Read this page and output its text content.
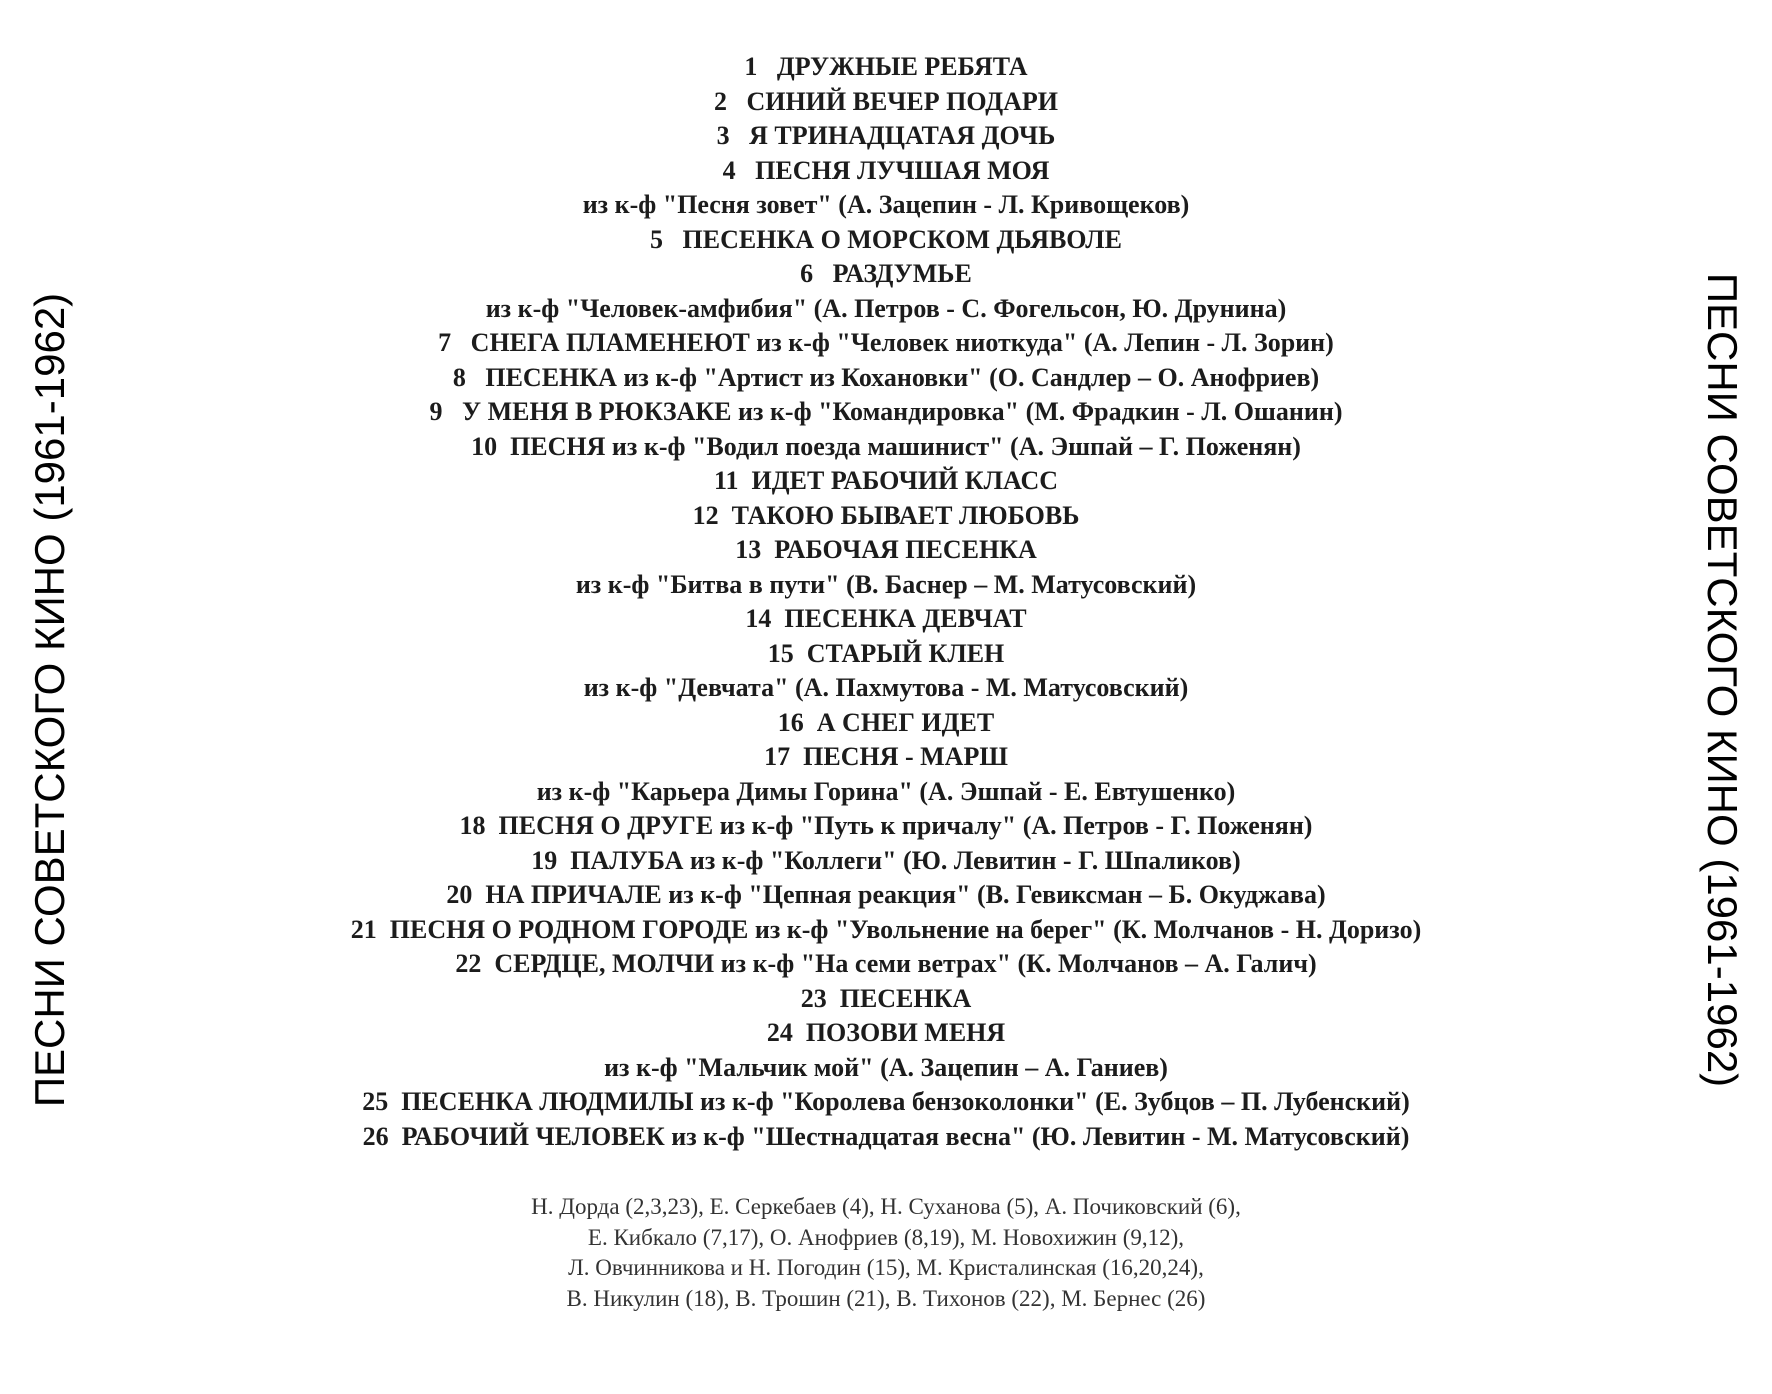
ПЕСНИ СОВЕТСКОГО КИНО (1961-1962)	ПЕСНИ СОВЕТСКОГО КИНО (1961-1962)
1   ДРУЖНЫЕ РЕБЯТА
2   СИНИЙ ВЕЧЕР ПОДАРИ
3   Я ТРИНАДЦАТАЯ ДОЧЬ
4   ПЕСНЯ ЛУЧШАЯ МОЯ
из к-ф "Песня зовет" (А. Зацепин - Л. Кривощеков)
5   ПЕСЕНКА О МОРСКОМ ДЬЯВОЛЕ
6   РАЗДУМЬЕ
из к-ф "Человек-амфибия" (А. Петров - С. Фогельсон, Ю. Друнина)
7   СНЕГА ПЛАМЕНЕЮТ из к-ф "Человек ниоткуда" (А. Лепин - Л. Зорин)
8   ПЕСЕНКА из к-ф "Артист из Кохановки" (О. Сандлер – О. Анофриев)
9   У МЕНЯ В РЮКЗАКЕ из к-ф "Командировка" (М. Фрадкин - Л. Ошанин)
10  ПЕСНЯ из к-ф "Водил поезда машинист" (А. Эшпай – Г. Поженян)
11  ИДЕТ РАБОЧИЙ КЛАСС
12  ТАКОЮ БЫВАЕТ ЛЮБОВЬ
13  РАБОЧАЯ ПЕСЕНКА
из к-ф "Битва в пути" (В. Баснер – М. Матусовский)
14  ПЕСЕНКА ДЕВЧАТ
15  СТАРЫЙ КЛЕН
из к-ф "Девчата" (А. Пахмутова - М. Матусовский)
16  А СНЕГ ИДЕТ
17  ПЕСНЯ - МАРШ
из к-ф "Карьера Димы Горина" (А. Эшпай - Е. Евтушенко)
18  ПЕСНЯ О ДРУГЕ из к-ф "Путь к причалу" (А. Петров - Г. Поженян)
19  ПАЛУБА из к-ф "Коллеги" (Ю. Левитин - Г. Шпаликов)
20  НА ПРИЧАЛЕ из к-ф "Цепная реакция" (В. Гевиксман – Б. Окуджава)
21  ПЕСНЯ О РОДНОМ ГОРОДЕ из к-ф "Увольнение на берег" (К. Молчанов - Н. Доризо)
22  СЕРДЦЕ, МОЛЧИ из к-ф "На семи ветрах" (К. Молчанов – А. Галич)
23  ПЕСЕНКА
24  ПОЗОВИ МЕНЯ
из к-ф "Мальчик мой" (А. Зацепин – А. Ганиев)
25  ПЕСЕНКА ЛЮДМИЛЫ из к-ф "Королева бензоколонки" (Е. Зубцов – П. Лубенский)
26  РАБОЧИЙ ЧЕЛОВЕК из к-ф "Шестнадцатая весна" (Ю. Левитин - М. Матусовский)
Н. Дорда (2,3,23), Е. Серкебаев (4), Н. Суханова (5), А. Почиковский (6),
Е. Кибкало (7,17), О. Анофриев (8,19), М. Новохижин (9,12),
Л. Овчинникова и Н. Погодин (15), М. Кристалинская (16,20,24),
В. Никулин (18), В. Трошин (21), В. Тихонов (22), М. Бернес (26)
